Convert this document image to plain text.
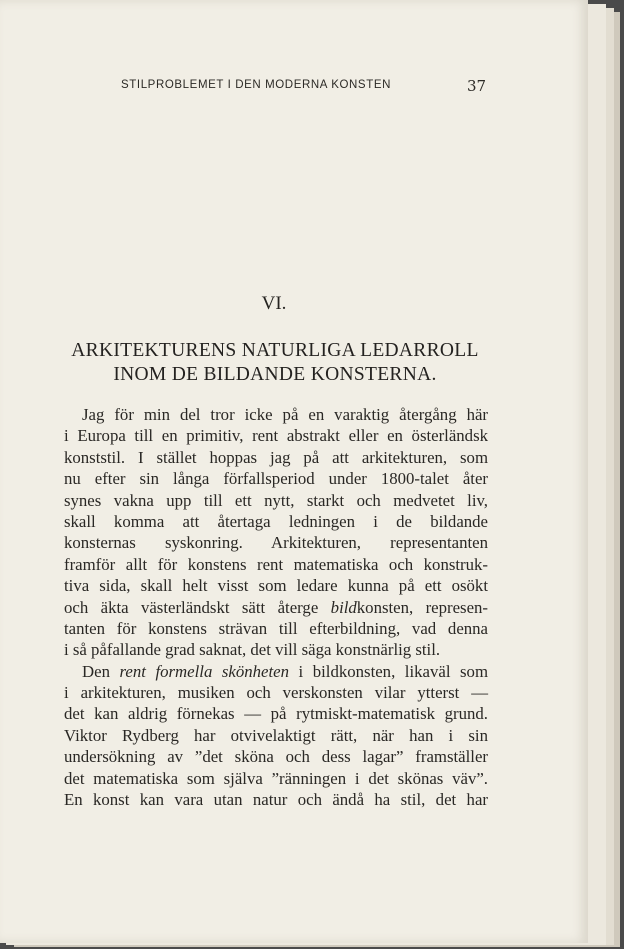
STILPROBLEMET I DEN MODERNA KONSTEN	37
VI.
ARKITEKTURENS NATURLIGA LEDARROLL
INOM DE BILDANDE KONSTERNA.
Jag för min del tror icke på en varaktig återgång här
i Europa till en primitiv, rent abstrakt eller en österländsk
konststil. I stället hoppas jag på att arkitekturen, som
nu efter sin långa förfallsperiod under 1800-talet åter
synes vakna upp till ett nytt, starkt och medvetet liv,
skall komma att återtaga ledningen i de bildande
konsternas syskonring. Arkitekturen, representanten
framför allt för konstens rent matematiska och konstruk-
tiva sida, skall helt visst som ledare kunna på ett osökt
och äkta västerländskt sätt återge bildkonsten, represen-
tanten för konstens strävan till efterbildning, vad denna
i så påfallande grad saknat, det vill säga konstnärlig stil.
Den rent formella skönheten i bildkonsten, likaväl som
i arkitekturen, musiken och verskonsten vilar ytterst —
det kan aldrig förnekas — på rytmiskt-matematisk grund.
Viktor Rydberg har otvivelaktigt rätt, när han i sin
undersökning av ”det sköna och dess lagar” framställer
det matematiska som själva ”ränningen i det skönas väv”.
En konst kan vara utan natur och ändå ha stil, det har
